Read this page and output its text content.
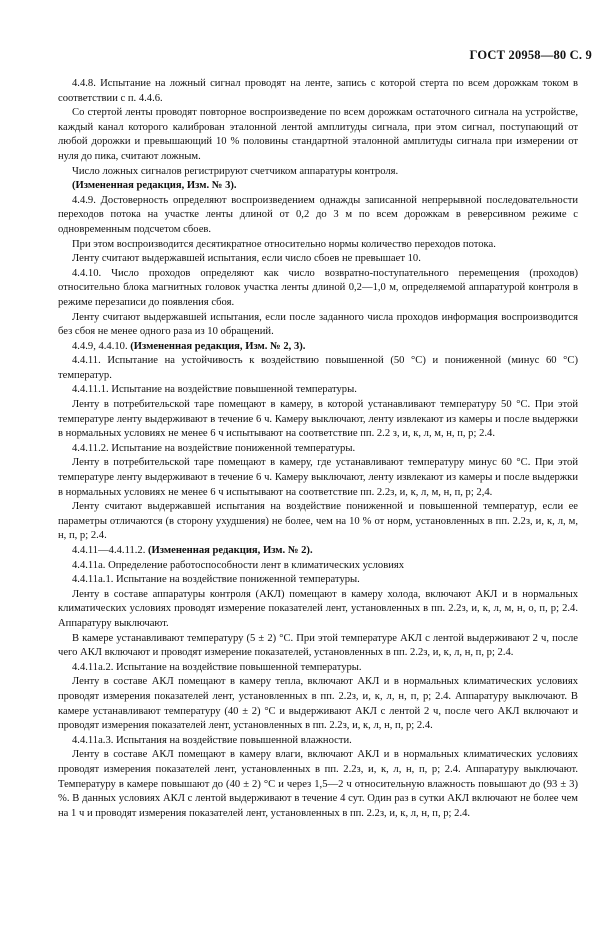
ГОСТ 20958—80 С. 9

4.4.8. Испытание на ложный сигнал проводят на ленте, запись с которой стерта по всем дорожкам током в соответствии с п. 4.4.6.

Со стертой ленты проводят повторное воспроизведение по всем дорожкам остаточного сигнала на устройстве, каждый канал которого калиброван эталонной лентой амплитуды сигнала, при этом сигнал, поступающий от любой дорожки и превышающий 10 % половины стандартной эталонной амплитуды сигнала при измерении от нуля до пика, считают ложным.

Число ложных сигналов регистрируют счетчиком аппаратуры контроля.

(Измененная редакция, Изм. № 3).

4.4.9. Достоверность определяют воспроизведением однажды записанной непрерывной последовательности переходов потока на участке ленты длиной от 0,2 до 3 м по всем дорожкам в реверсивном режиме с одновременным подсчетом сбоев.

При этом воспроизводится десятикратное относительно нормы количество переходов потока.

Ленту считают выдержавшей испытания, если число сбоев не превышает 10.

4.4.10. Число проходов определяют как число возвратно-поступательного перемещения (проходов) относительно блока магнитных головок участка ленты длиной 0,2—1,0 м, определяемой аппаратурой контроля в режиме перезаписи до появления сбоя.

Ленту считают выдержавшей испытания, если после заданного числа проходов информация воспроизводится без сбоя не менее одного раза из 10 обращений.

4.4.9, 4.4.10. (Измененная редакция, Изм. № 2, 3).

4.4.11. Испытание на устойчивость к воздействию повышенной (50 °С) и пониженной (минус 60 °С) температур.

4.4.11.1. Испытание на воздействие повышенной температуры.

Ленту в потребительской таре помещают в камеру, в которой устанавливают температуру 50 °С. При этой температуре ленту выдерживают в течение 6 ч. Камеру выключают, ленту извлекают из камеры и после выдержки в нормальных условиях не менее 6 ч испытывают на соответствие пп. 2.2 з, и, к, л, м, н, п, р; 2.4.

4.4.11.2. Испытание на воздействие пониженной температуры.

Ленту в потребительской таре помещают в камеру, где устанавливают температуру минус 60 °С. При этой температуре ленту выдерживают в течение 6 ч. Камеру выключают, ленту извлекают из камеры и после выдержки в нормальных условиях не менее 6 ч испытывают на соответствие пп. 2.2з, и, к, л, м, н, п, р; 2,4.

Ленту считают выдержавшей испытания на воздействие пониженной и повышенной температур, если ее параметры отличаются (в сторону ухудшения) не более, чем на 10 % от норм, установленных в пп. 2.2з, и, к, л, м, н, п, р; 2.4.

4.4.11—4.4.11.2. (Измененная редакция, Изм. № 2).

4.4.11а. Определение работоспособности лент в климатических условиях

4.4.11а.1. Испытание на воздействие пониженной температуры.

Ленту в составе аппаратуры контроля (АКЛ) помещают в камеру холода, включают АКЛ и в нормальных климатических условиях проводят измерение показателей лент, установленных в пп. 2.2з, и, к, л, м, н, о, п, р; 2.4. Аппаратуру выключают.

В камере устанавливают температуру (5 ± 2) °С. При этой температуре АКЛ с лентой выдерживают 2 ч, после чего АКЛ включают и проводят измерение показателей, установленных в пп. 2.2з, и, к, л, н, п, р; 2.4.

4.4.11а.2. Испытание на воздействие повышенной температуры.

Ленту в составе АКЛ помещают в камеру тепла, включают АКЛ и в нормальных климатических условиях проводят измерения показателей лент, установленных в пп. 2.2з, и, к, л, н, п, р; 2.4. Аппаратуру выключают. В камере устанавливают температуру (40 ± 2) °С и выдерживают АКЛ с лентой 2 ч, после чего АКЛ включают и проводят измерения показателей лент, установленных в пп. 2.2з, и, к, л, н, п, р; 2.4.

4.4.11а.3. Испытания на воздействие повышенной влажности.

Ленту в составе АКЛ помещают в камеру влаги, включают АКЛ и в нормальных климатических условиях проводят измерения показателей лент, установленных в пп. 2.2з, и, к, л, н, п, р; 2.4. Аппаратуру выключают. Температуру в камере повышают до (40 ± 2) °С и через 1,5—2 ч относительную влажность повышают до (93 ± 3) %. В данных условиях АКЛ с лентой выдерживают в течение 4 сут. Один раз в сутки АКЛ включают не более чем на 1 ч и проводят измерения показателей лент, установленных в пп. 2.2з, и, к, л, н, п, р; 2.4.
